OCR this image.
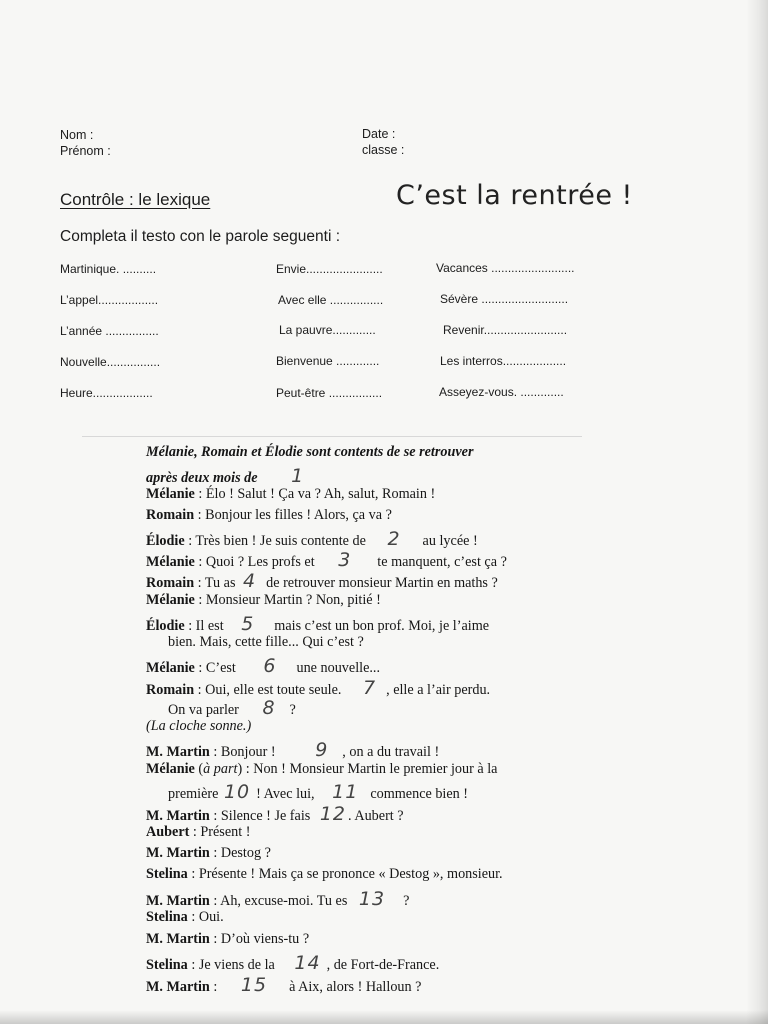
Nom :
Prénom :
Date :
classe :
Contrôle : le lexique	C’est la rentrée !
Completa il testo con le parole seguenti :
Martinique. ..........	Envie.......................	Vacances .........................
L’appel..................	Avec elle ................	Sévère ..........................
L’année ................	La pauvre.............	Revenir.........................
Nouvelle................	Bienvenue .............	Les interros...................
Heure..................	Peut-être ................	Asseyez-vous. .............
Mélanie, Romain et Élodie sont contents de se retrouver
après deux mois de 1
Mélanie : Élo ! Salut ! Ça va ? Ah, salut, Romain !
Romain : Bonjour les filles ! Alors, ça va ?
Élodie : Très bien ! Je suis contente de 2 au lycée !
Mélanie : Quoi ? Les profs et 3 te manquent, c’est ça ?
Romain : Tu as 4 de retrouver monsieur Martin en maths ?
Mélanie : Monsieur Martin ? Non, pitié !
Élodie : Il est 5 mais c’est un bon prof. Moi, je l’aime
bien. Mais, cette fille... Qui c’est ?
Mélanie : C’est 6 une nouvelle...
Romain : Oui, elle est toute seule. 7 , elle a l’air perdu.
On va parler 8 ?
(La cloche sonne.)
M. Martin : Bonjour ! 9 , on a du travail !
Mélanie (à part) : Non ! Monsieur Martin le premier jour à la
première 10 ! Avec lui, 11 commence bien !
M. Martin : Silence ! Je fais 12 . Aubert ?
Aubert : Présent !
M. Martin : Destog ?
Stelina : Présente ! Mais ça se prononce « Destog », monsieur.
M. Martin : Ah, excuse-moi. Tu es 13 ?
Stelina : Oui.
M. Martin : D’où viens-tu ?
Stelina : Je viens de la 14 , de Fort-de-France.
M. Martin : 15 à Aix, alors ! Halloun ?
